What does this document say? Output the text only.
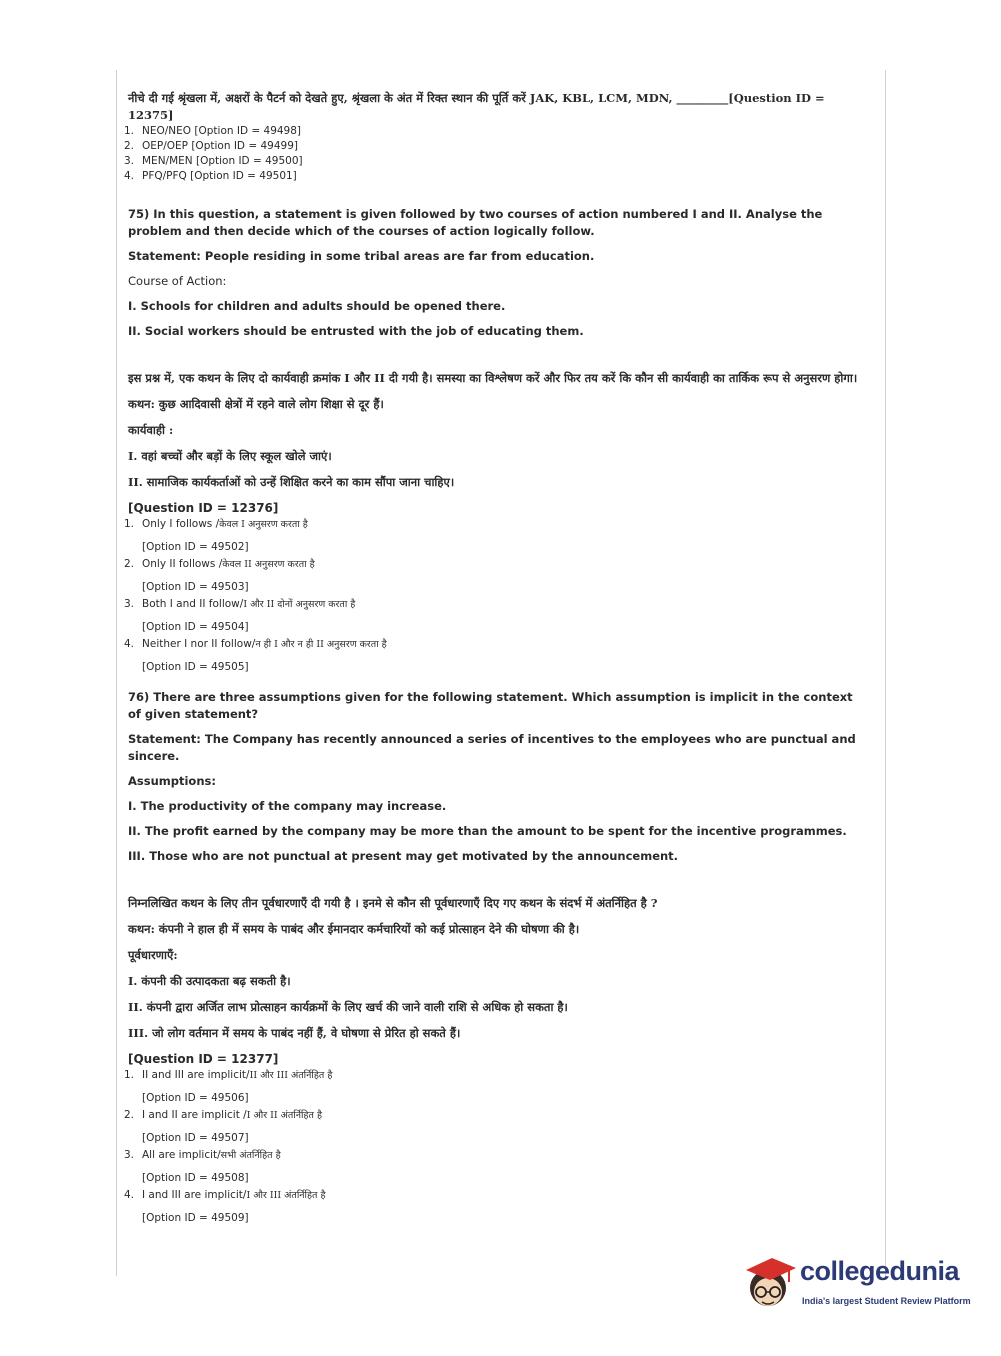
नीचे दी गई श्रृंखला में, अक्षरों के पैटर्न को देखते हुए, श्रृंखला के अंत में रिक्त स्थान की पूर्ति करें JAK, KBL, LCM, MDN, _________[Question ID = 12375]

1. NEO/NEO [Option ID = 49498]
2. OEP/OEP [Option ID = 49499]
3. MEN/MEN [Option ID = 49500]
4. PFQ/PFQ [Option ID = 49501]

75) In this question, a statement is given followed by two courses of action numbered I and II. Analyse the problem and then decide which of the courses of action logically follow.

Statement: People residing in some tribal areas are far from education.

Course of Action:

I. Schools for children and adults should be opened there.

II. Social workers should be entrusted with the job of educating them.

इस प्रश्न में, एक कथन के लिए दो कार्यवाही क्रमांक I और II दी गयी है। समस्या का विश्लेषण करें और फिर तय करें कि कौन सी कार्यवाही का तार्किक रूप से अनुसरण होगा।

कथन: कुछ आदिवासी क्षेत्रों में रहने वाले लोग शिक्षा से दूर हैं।

कार्यवाही :

I. वहां बच्चों और बड़ों के लिए स्कूल खोले जाएं।

II. सामाजिक कार्यकर्ताओं को उन्हें शिक्षित करने का काम सौंपा जाना चाहिए।

[Question ID = 12376]

1. Only I follows /केवल I अनुसरण करता है
[Option ID = 49502]
2. Only II follows /केवल II अनुसरण करता है
[Option ID = 49503]
3. Both I and II follow/I और II दोनों अनुसरण करता है
[Option ID = 49504]
4. Neither I nor II follow/न ही I और न ही II अनुसरण करता है
[Option ID = 49505]

76) There are three assumptions given for the following statement. Which assumption is implicit in the context of given statement?

Statement: The Company has recently announced a series of incentives to the employees who are punctual and sincere.

Assumptions:

I. The productivity of the company may increase.

II. The profit earned by the company may be more than the amount to be spent for the incentive programmes.

III. Those who are not punctual at present may get motivated by the announcement.

निम्नलिखित कथन के लिए तीन पूर्वधारणाएँ दी गयी है । इनमे से कौन सी पूर्वधारणाएँ दिए गए कथन के संदर्भ में अंतर्निहित है ?

कथन: कंपनी ने हाल ही में समय के पाबंद और ईमानदार कर्मचारियों को कई प्रोत्साहन देने की घोषणा की है।

पूर्वधारणाएँ:

I. कंपनी की उत्पादकता बढ़ सकती है।

II. कंपनी द्वारा अर्जित लाभ प्रोत्साहन कार्यक्रमों के लिए खर्च की जाने वाली राशि से अधिक हो सकता है।

III. जो लोग वर्तमान में समय के पाबंद नहीं हैं, वे घोषणा से प्रेरित हो सकते हैं।

[Question ID = 12377]

1. II and III are implicit/II और III अंतर्निहित है
[Option ID = 49506]
2. I and II are implicit /I और II अंतर्निहित है
[Option ID = 49507]
3. All are implicit/सभी अंतर्निहित है
[Option ID = 49508]
4. I and III are implicit/I और III अंतर्निहित है
[Option ID = 49509]
collegedunia
India's largest Student Review Platform
